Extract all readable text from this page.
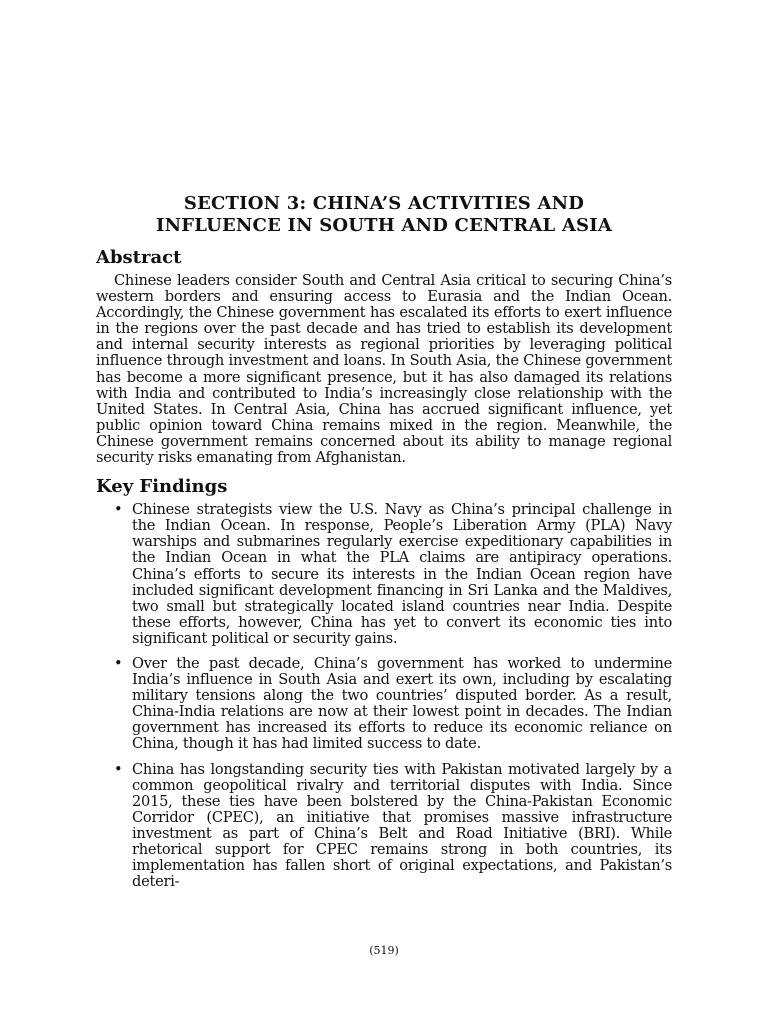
SECTION 3: CHINA’S ACTIVITIES AND
INFLUENCE IN SOUTH AND CENTRAL ASIA
Abstract

Chinese leaders consider South and Central Asia critical to securing China’s western borders and ensuring access to Eurasia and the Indian Ocean. Accordingly, the Chinese government has escalated its efforts to exert influence in the regions over the past decade and has tried to establish its development and internal security interests as regional priorities by leveraging political influence through investment and loans. In South Asia, the Chinese government has become a more significant presence, but it has also damaged its relations with India and contributed to India’s increasingly close relationship with the United States. In Central Asia, China has accrued significant influence, yet public opinion toward China remains mixed in the region. Meanwhile, the Chinese government remains concerned about its ability to manage regional security risks emanating from Afghanistan.

Key Findings
• Chinese strategists view the U.S. Navy as China’s principal challenge in the Indian Ocean. In response, People’s Liberation Army (PLA) Navy warships and submarines regularly exercise expeditionary capabilities in the Indian Ocean in what the PLA claims are antipiracy operations. China’s efforts to secure its interests in the Indian Ocean region have included significant development financing in Sri Lanka and the Maldives, two small but strategically located island countries near India. Despite these efforts, however, China has yet to convert its economic ties into significant political or security gains.
• Over the past decade, China’s government has worked to undermine India’s influence in South Asia and exert its own, including by escalating military tensions along the two countries’ disputed border. As a result, China-India relations are now at their lowest point in decades. The Indian government has increased its efforts to reduce its economic reliance on China, though it has had limited success to date.
• China has longstanding security ties with Pakistan motivated largely by a common geopolitical rivalry and territorial disputes with India. Since 2015, these ties have been bolstered by the China-Pakistan Economic Corridor (CPEC), an initiative that promises massive infrastructure investment as part of China’s Belt and Road Initiative (BRI). While rhetorical support for CPEC remains strong in both countries, its implementation has fallen short of original expectations, and Pakistan’s deteri-
(519)
